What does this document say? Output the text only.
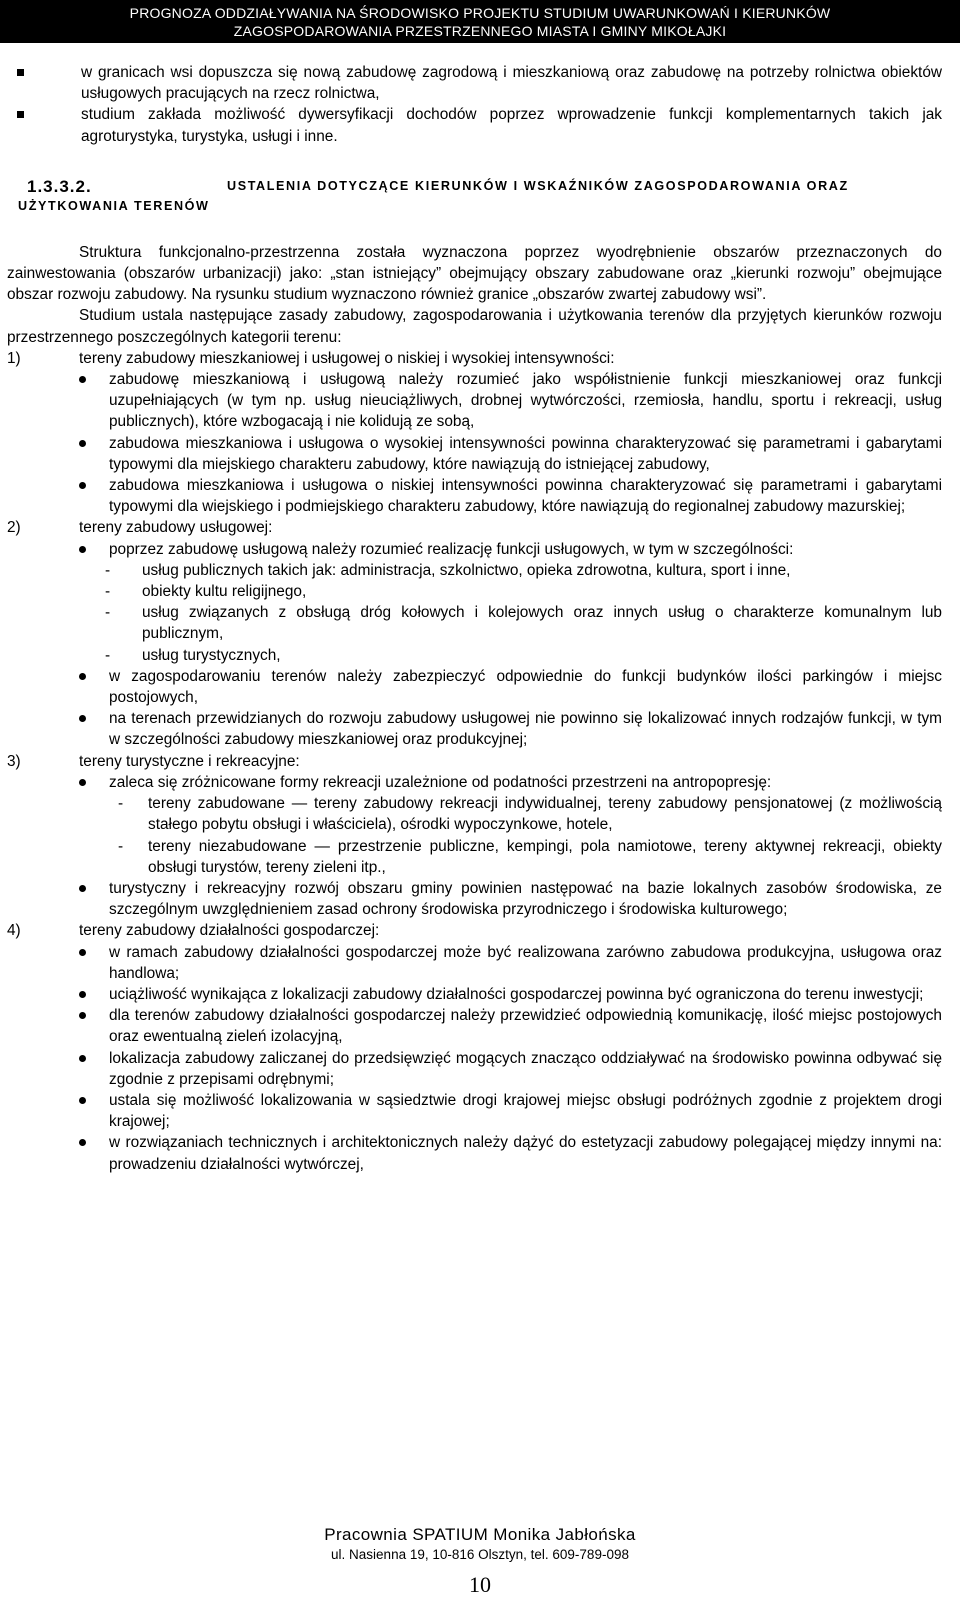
PROGNOZA ODDZIAŁYWANIA NA ŚRODOWISKO PROJEKTU STUDIUM UWARUNKOWAŃ I KIERUNKÓW
ZAGOSPODAROWANIA PRZESTRZENNEGO MIASTA I GMINY MIKOŁAJKI
w granicach wsi dopuszcza się nową zabudowę zagrodową i mieszkaniową oraz zabudowę na potrzeby rolnictwa obiektów usługowych pracujących na rzecz rolnictwa,
studium zakłada możliwość dywersyfikacji dochodów poprzez wprowadzenie funkcji komplementarnych takich jak agroturystyka, turystyka, usługi i inne.
1.3.3.2.	USTALENIA DOTYCZĄCE KIERUNKÓW I WSKAŹNIKÓW ZAGOSPODAROWANIA ORAZ
UŻYTKOWANIA TERENÓW

Struktura funkcjonalno-przestrzenna została wyznaczona poprzez wyodrębnienie obszarów przeznaczonych do zainwestowania (obszarów urbanizacji) jako: „stan istniejący” obejmujący obszary zabudowane oraz „kierunki rozwoju” obejmujące obszar rozwoju zabudowy. Na rysunku studium wyznaczono również granice „obszarów zwartej zabudowy wsi”.

Studium ustala następujące zasady zabudowy, zagospodarowania i użytkowania terenów dla przyjętych kierunków rozwoju przestrzennego poszczególnych kategorii terenu:

1)	tereny zabudowy mieszkaniowej i usługowej o niskiej i wysokiej intensywności:
zabudowę mieszkaniową i usługową należy rozumieć jako współistnienie funkcji mieszkaniowej oraz funkcji uzupełniających (w tym np. usług nieuciążliwych, drobnej wytwórczości, rzemiosła, handlu, sportu i rekreacji, usług publicznych), które wzbogacają i nie kolidują ze sobą,
zabudowa mieszkaniowa i usługowa o wysokiej intensywności powinna charakteryzować się parametrami i gabarytami typowymi dla miejskiego charakteru zabudowy, które nawiązują do istniejącej zabudowy,
zabudowa mieszkaniowa i usługowa o niskiej intensywności powinna charakteryzować się parametrami i gabarytami typowymi dla wiejskiego i podmiejskiego charakteru zabudowy, które nawiązują do regionalnej zabudowy mazurskiej;
2)	tereny zabudowy usługowej:
poprzez zabudowę usługową należy rozumieć realizację funkcji usługowych, w tym w szczególności:
- usług publicznych takich jak: administracja, szkolnictwo, opieka zdrowotna, kultura, sport i inne,
- obiekty kultu religijnego,
- usług związanych z obsługą dróg kołowych i kolejowych oraz innych usług o charakterze komunalnym lub publicznym,
- usług turystycznych,
w zagospodarowaniu terenów należy zabezpieczyć odpowiednie do funkcji budynków ilości parkingów i miejsc postojowych,
na terenach przewidzianych do rozwoju zabudowy usługowej nie powinno się lokalizować innych rodzajów funkcji, w tym w szczególności zabudowy mieszkaniowej oraz produkcyjnej;
3)	tereny turystyczne i rekreacyjne:
zaleca się zróżnicowane formy rekreacji uzależnione od podatności przestrzeni na antropopresję:
- tereny zabudowane — tereny zabudowy rekreacji indywidualnej, tereny zabudowy pensjonatowej (z możliwością stałego pobytu obsługi i właściciela), ośrodki wypoczynkowe, hotele,
- tereny niezabudowane — przestrzenie publiczne, kempingi, pola namiotowe, tereny aktywnej rekreacji, obiekty obsługi turystów, tereny zieleni itp.,
turystyczny i rekreacyjny rozwój obszaru gminy powinien następować na bazie lokalnych zasobów środowiska, ze szczególnym uwzględnieniem zasad ochrony środowiska przyrodniczego i środowiska kulturowego;
4)	tereny zabudowy działalności gospodarczej:
w ramach zabudowy działalności gospodarczej może być realizowana zarówno zabudowa produkcyjna, usługowa oraz handlowa;
uciążliwość wynikająca z lokalizacji zabudowy działalności gospodarczej powinna być ograniczona do terenu inwestycji;
dla terenów zabudowy działalności gospodarczej należy przewidzieć odpowiednią komunikację, ilość miejsc postojowych oraz ewentualną zieleń izolacyjną,
lokalizacja zabudowy zaliczanej do przedsięwzięć mogących znacząco oddziaływać na środowisko powinna odbywać się zgodnie z przepisami odrębnymi;
ustala się możliwość lokalizowania w sąsiedztwie drogi krajowej miejsc obsługi podróżnych zgodnie z projektem drogi krajowej;
w rozwiązaniach technicznych i architektonicznych należy dążyć do estetyzacji zabudowy polegającej między innymi na: prowadzeniu działalności wytwórczej,
Pracownia SPATIUM Monika Jabłońska
ul. Nasienna 19, 10-816 Olsztyn, tel. 609-789-098
10
